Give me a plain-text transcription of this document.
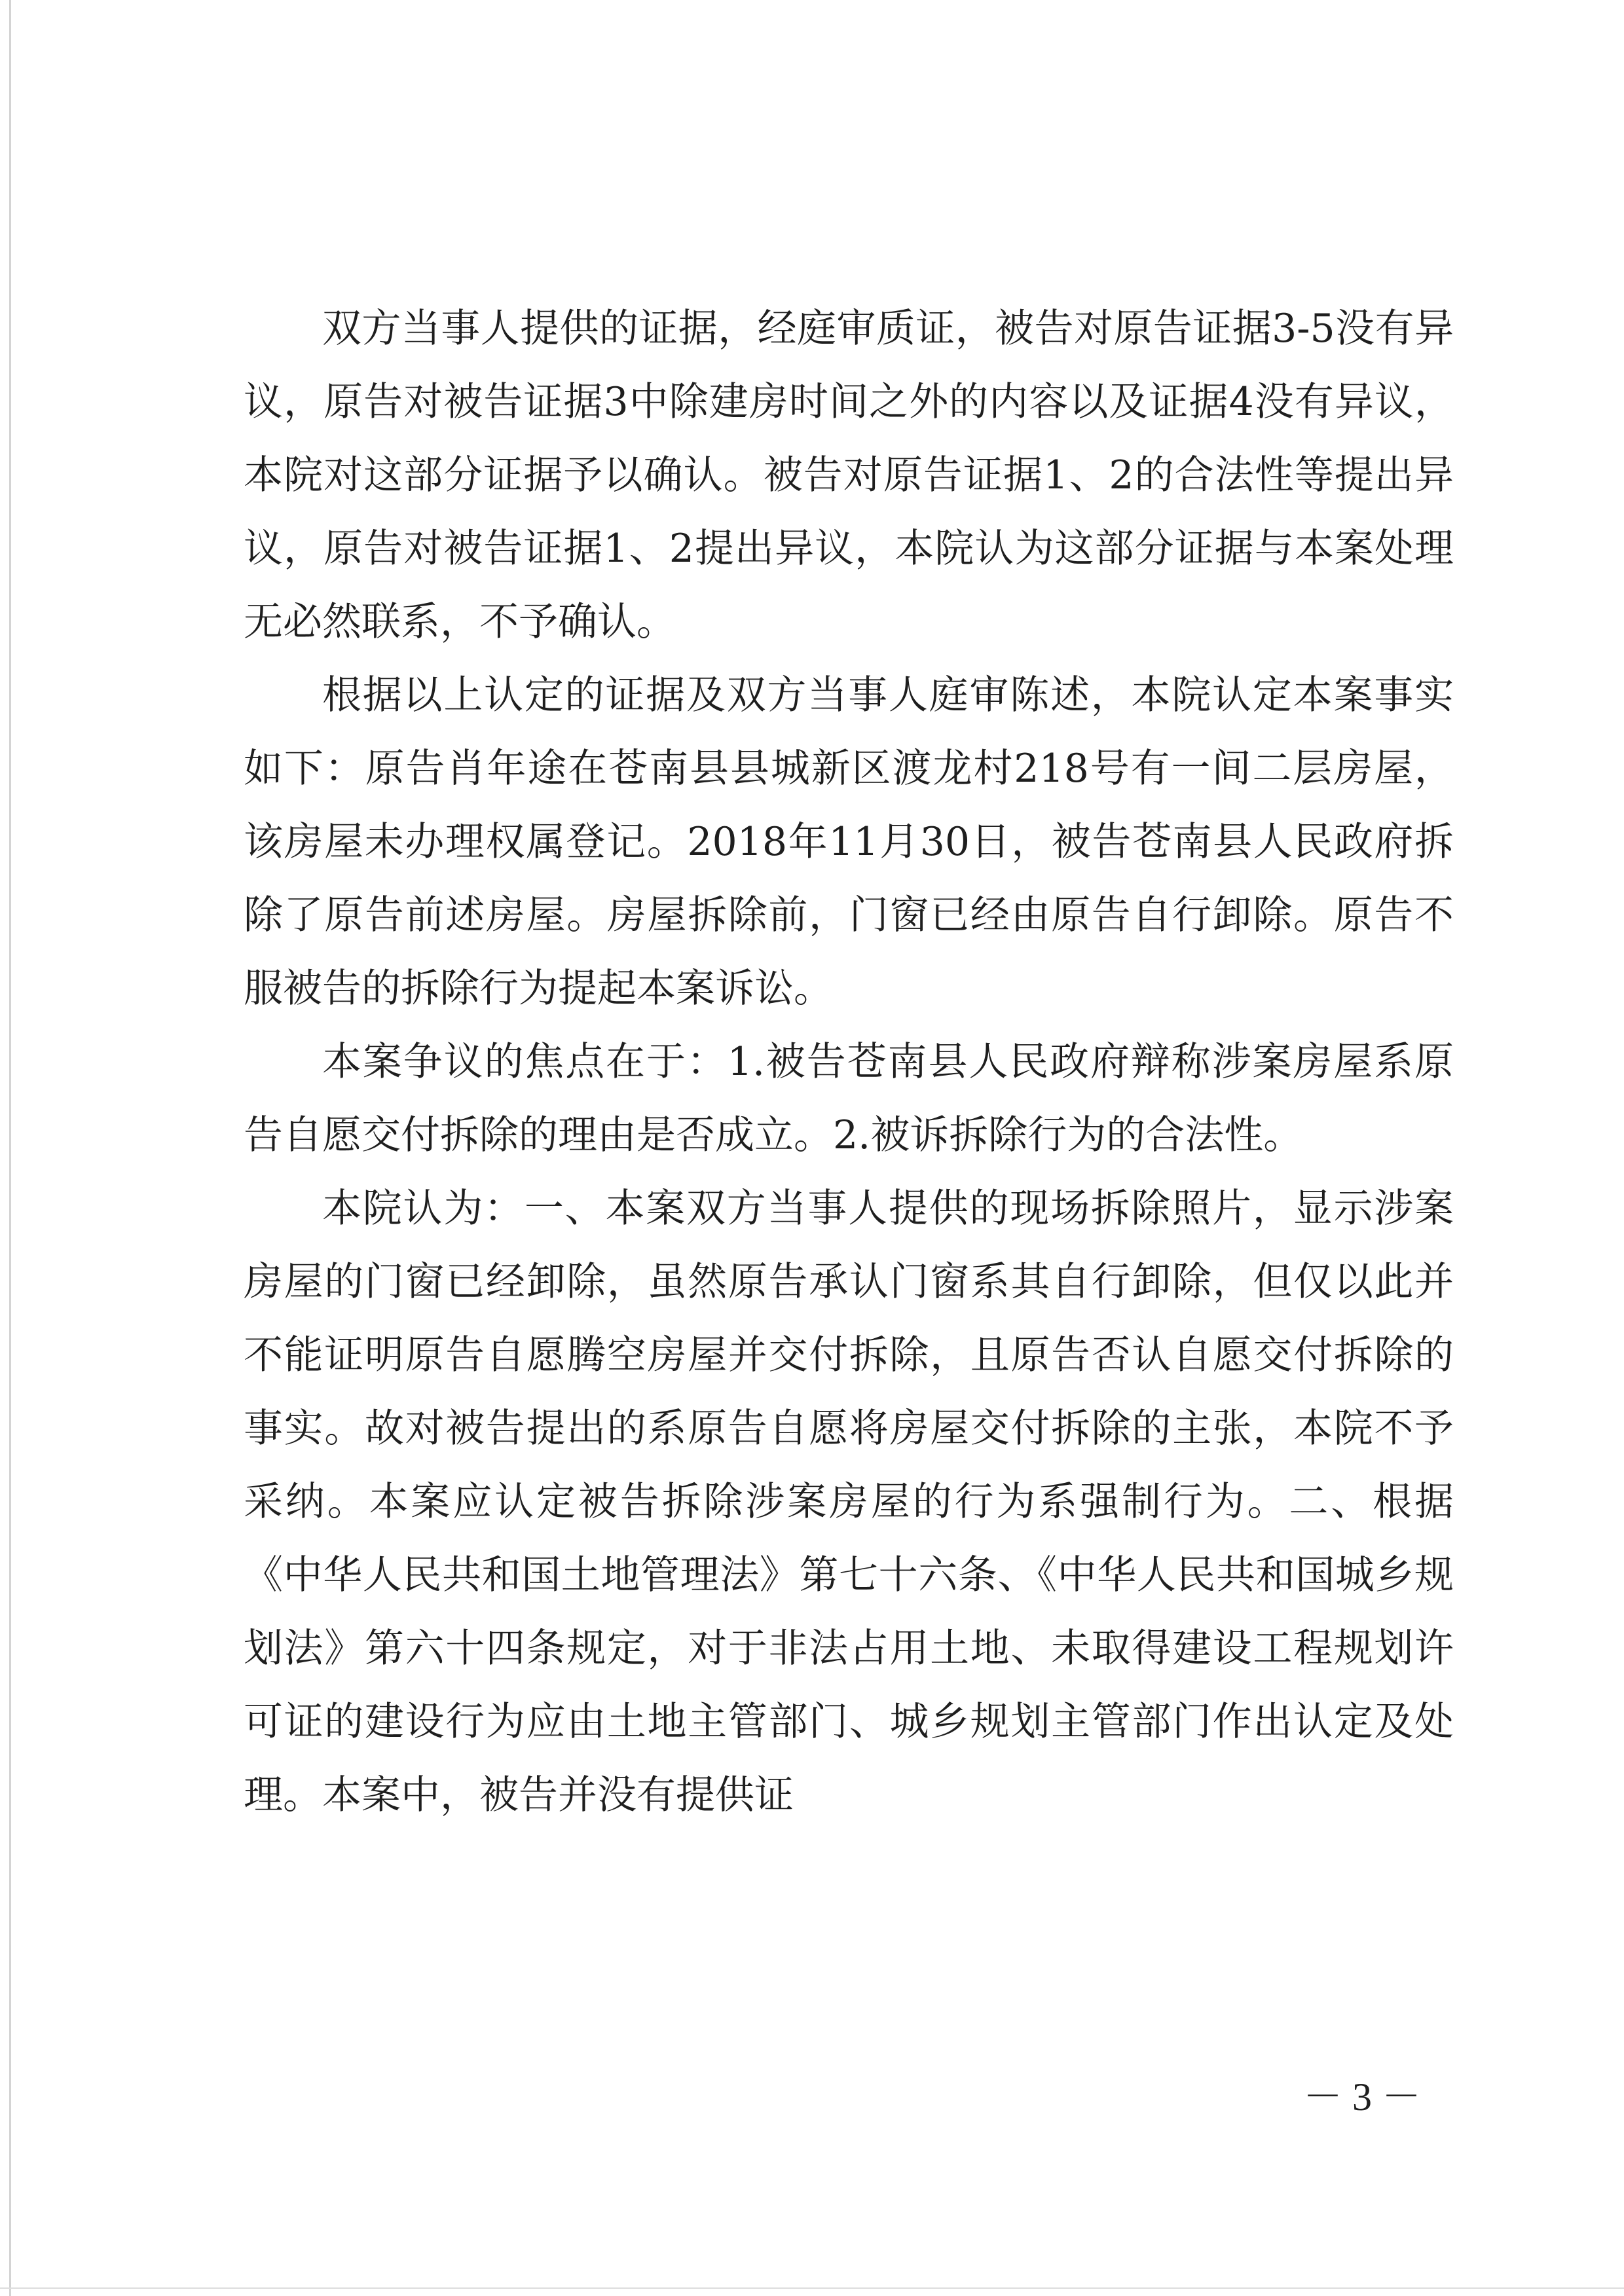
双方当事人提供的证据，经庭审质证，被告对原告证据3-5没有异议，原告对被告证据3中除建房时间之外的内容以及证据4没有异议，本院对这部分证据予以确认。被告对原告证据1、2的合法性等提出异议，原告对被告证据1、2提出异议，本院认为这部分证据与本案处理无必然联系，不予确认。

根据以上认定的证据及双方当事人庭审陈述，本院认定本案事实如下：原告肖年途在苍南县县城新区渡龙村218号有一间二层房屋，该房屋未办理权属登记。2018年11月30日，被告苍南县人民政府拆除了原告前述房屋。房屋拆除前，门窗已经由原告自行卸除。原告不服被告的拆除行为提起本案诉讼。

本案争议的焦点在于：1.被告苍南县人民政府辩称涉案房屋系原告自愿交付拆除的理由是否成立。2.被诉拆除行为的合法性。

本院认为：一、本案双方当事人提供的现场拆除照片，显示涉案房屋的门窗已经卸除，虽然原告承认门窗系其自行卸除，但仅以此并不能证明原告自愿腾空房屋并交付拆除，且原告否认自愿交付拆除的事实。故对被告提出的系原告自愿将房屋交付拆除的主张，本院不予采纳。本案应认定被告拆除涉案房屋的行为系强制行为。二、根据《中华人民共和国土地管理法》第七十六条、《中华人民共和国城乡规划法》第六十四条规定，对于非法占用土地、未取得建设工程规划许可证的建设行为应由土地主管部门、城乡规划主管部门作出认定及处理。本案中，被告并没有提供证

－ 3 －
